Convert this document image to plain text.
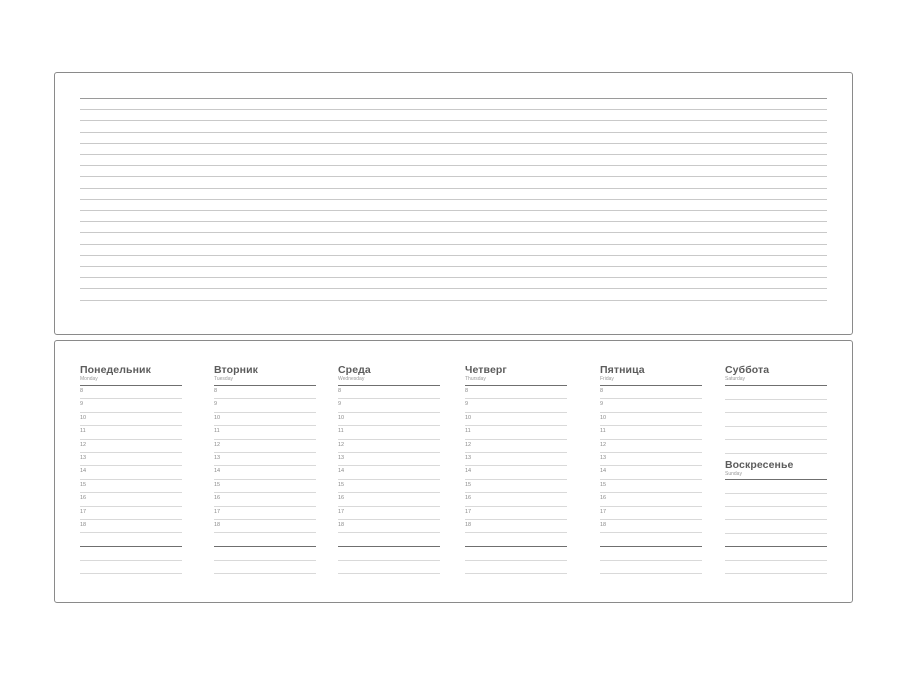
Понедельник
Monday
8
9
10
11
12
13
14
15
16
17
18
Вторник
Tuesday
8
9
10
11
12
13
14
15
16
17
18
Среда
Wednesday
8
9
10
11
12
13
14
15
16
17
18
Четверг
Thursday
8
9
10
11
12
13
14
15
16
17
18
Пятница
Friday
8
9
10
11
12
13
14
15
16
17
18
Суббота
Saturday
Воскресенье
Sunday
